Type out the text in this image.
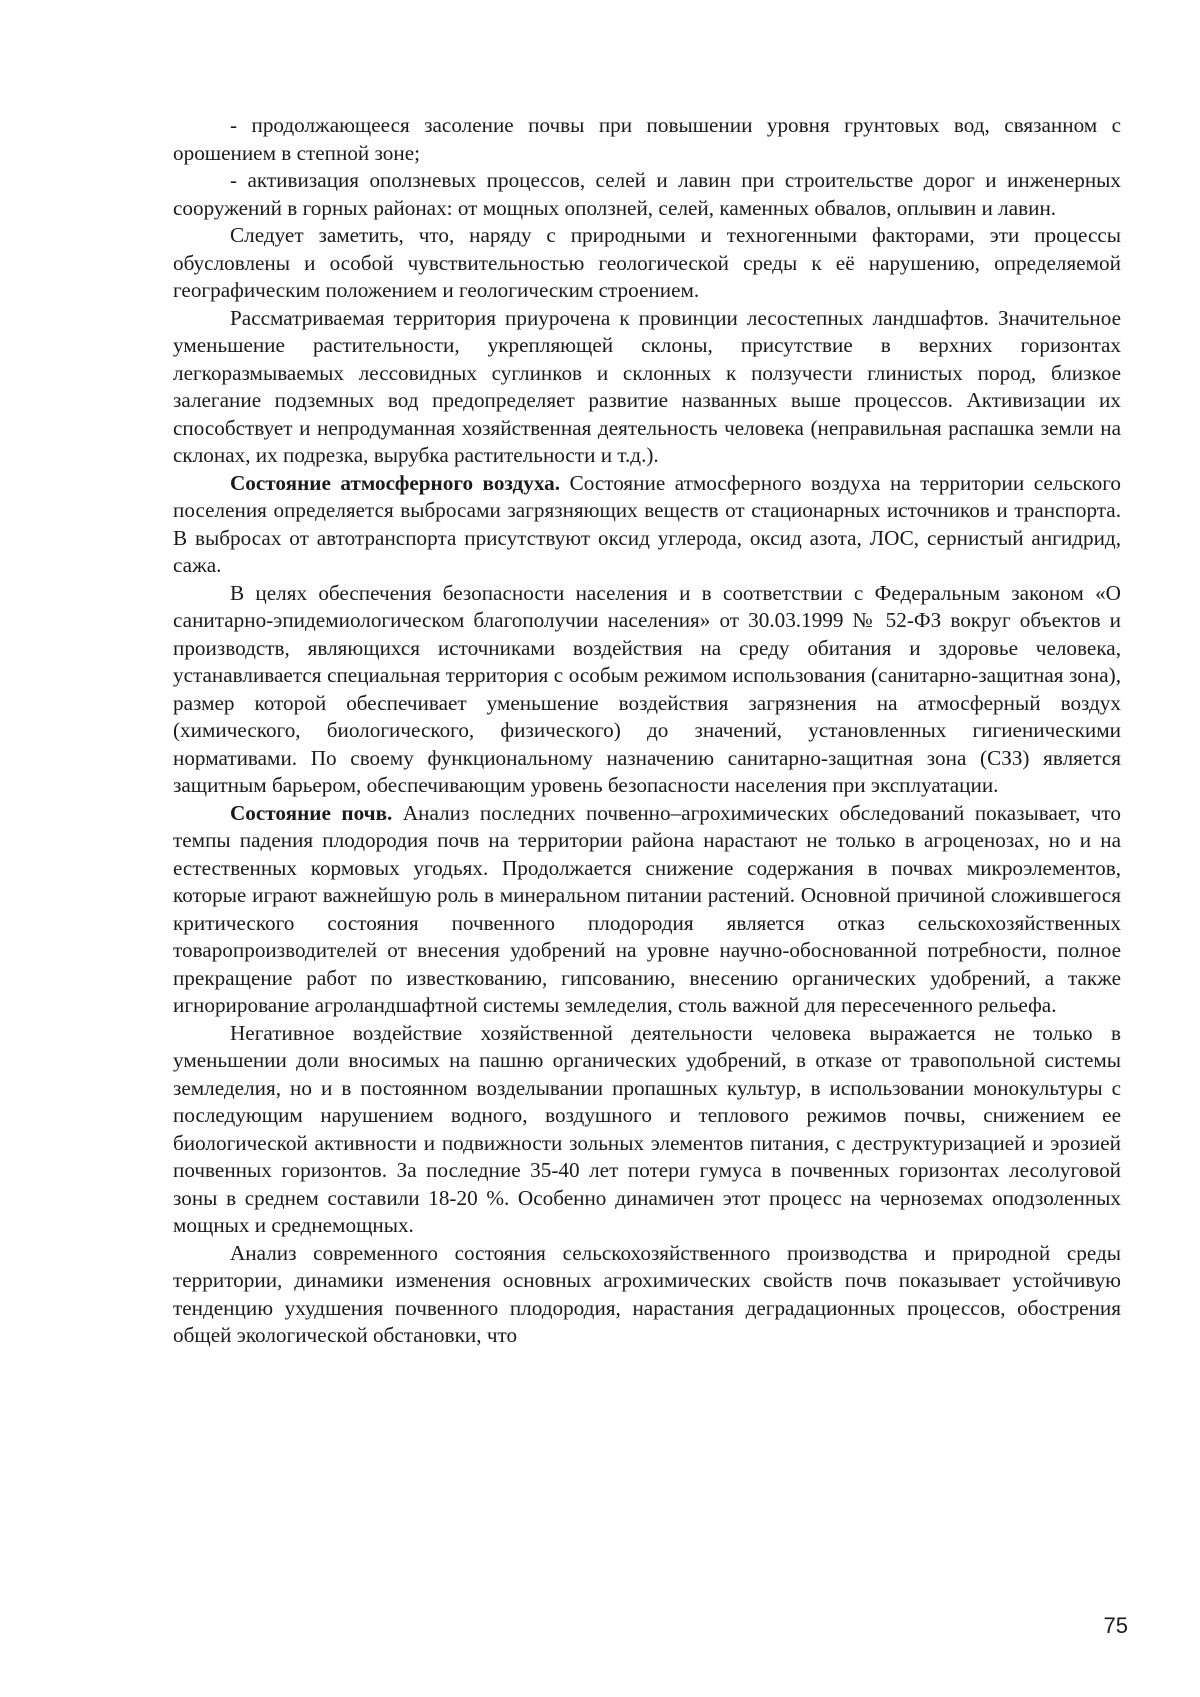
- продолжающееся засоление почвы при повышении уровня грунтовых вод, связанном с орошением в степной зоне;

- активизация оползневых процессов, селей и лавин при строительстве дорог и инженерных сооружений в горных районах: от мощных оползней, селей, каменных обвалов, оплывин и лавин.

Следует заметить, что, наряду с природными и техногенными факторами, эти процессы обусловлены и особой чувствительностью геологической среды к её нарушению, определяемой географическим положением и геологическим строением.

Рассматриваемая территория приурочена к провинции лесостепных ландшафтов. Значительное уменьшение растительности, укрепляющей склоны, присутствие в верхних горизонтах легкоразмываемых лессовидных суглинков и склонных к ползучести глинистых пород, близкое залегание подземных вод предопределяет развитие названных выше процессов. Активизации их способствует и непродуманная хозяйственная деятельность человека (неправильная распашка земли на склонах, их подрезка, вырубка растительности и т.д.).

Состояние атмосферного воздуха. Состояние атмосферного воздуха на территории сельского поселения определяется выбросами загрязняющих веществ от стационарных источников и транспорта. В выбросах от автотранспорта присутствуют оксид углерода, оксид азота, ЛОС, сернистый ангидрид, сажа.

В целях обеспечения безопасности населения и в соответствии с Федеральным законом «О санитарно-эпидемиологическом благополучии населения» от 30.03.1999 № 52-ФЗ вокруг объектов и производств, являющихся источниками воздействия на среду обитания и здоровье человека, устанавливается специальная территория с особым режимом использования (санитарно-защитная зона), размер которой обеспечивает уменьшение воздействия загрязнения на атмосферный воздух (химического, биологического, физического) до значений, установленных гигиеническими нормативами. По своему функциональному назначению санитарно-защитная зона (СЗЗ) является защитным барьером, обеспечивающим уровень безопасности населения при эксплуатации.

Состояние почв. Анализ последних почвенно–агрохимических обследований показывает, что темпы падения плодородия почв на территории района нарастают не только в агроценозах, но и на естественных кормовых угодьях. Продолжается снижение содержания в почвах микроэлементов, которые играют важнейшую роль в минеральном питании растений. Основной причиной сложившегося критического состояния почвенного плодородия является отказ сельскохозяйственных товаропроизводителей от внесения удобрений на уровне научно-обоснованной потребности, полное прекращение работ по известкованию, гипсованию, внесению органических удобрений, а также игнорирование агроландшафтной системы земледелия, столь важной для пересеченного рельефа.

Негативное воздействие хозяйственной деятельности человека выражается не только в уменьшении доли вносимых на пашню органических удобрений, в отказе от травопольной системы земледелия, но и в постоянном возделывании пропашных культур, в использовании монокультуры с последующим нарушением водного, воздушного и теплового режимов почвы, снижением ее биологической активности и подвижности зольных элементов питания, с деструктуризацией и эрозией почвенных горизонтов. За последние 35-40 лет потери гумуса в почвенных горизонтах лесолуговой зоны в среднем составили 18-20 %. Особенно динамичен этот процесс на черноземах оподзоленных мощных и среднемощных.

Анализ современного состояния сельскохозяйственного производства и природной среды территории, динамики изменения основных агрохимических свойств почв показывает устойчивую тенденцию ухудшения почвенного плодородия, нарастания деградационных процессов, обострения общей экологической обстановки, что

75
